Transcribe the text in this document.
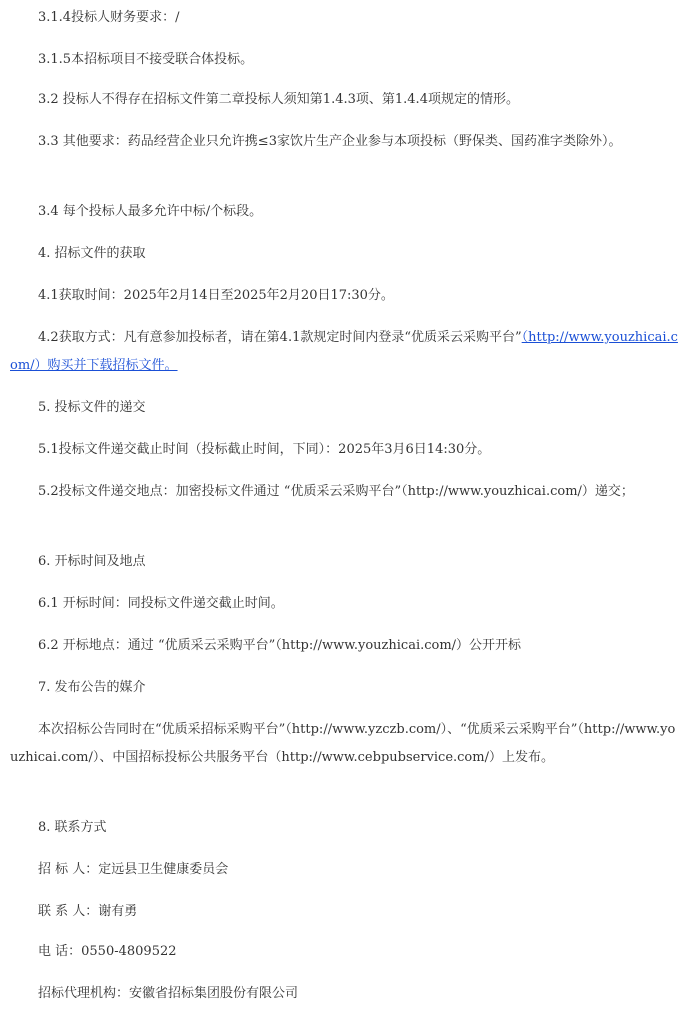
3.1.4投标人财务要求：/
3.1.5本招标项目不接受联合体投标。
3.2 投标人不得存在招标文件第二章投标人须知第1.4.3项、第1.4.4项规定的情形。
3.3 其他要求：药品经营企业只允许携≤3家饮片生产企业参与本项投标（野保类、国药准字类除外）。
3.4 每个投标人最多允许中标/个标段。
4. 招标文件的获取
4.1获取时间：2025年2月14日至2025年2月20日17:30分。
4.2获取方式：凡有意参加投标者，请在第4.1款规定时间内登录“优质采云采购平台”（http://www.youzhicai.com/）购买并下载招标文件。
5. 投标文件的递交
5.1投标文件递交截止时间（投标截止时间，下同）：2025年3月6日14:30分。
5.2投标文件递交地点：加密投标文件通过 “优质采云采购平台”（http://www.youzhicai.com/）递交；
6. 开标时间及地点
6.1 开标时间：同投标文件递交截止时间。
6.2 开标地点：通过 “优质采云采购平台”（http://www.youzhicai.com/）公开开标
7. 发布公告的媒介
本次招标公告同时在“优质采招标采购平台”（http://www.yzczb.com/）、“优质采云采购平台”（http://www.youzhicai.com/）、中国招标投标公共服务平台（http://www.cebpubservice.com/）上发布。
8. 联系方式
招 标 人：定远县卫生健康委员会
联 系 人：谢有勇
电 话：0550-4809522
招标代理机构：安徽省招标集团股份有限公司
